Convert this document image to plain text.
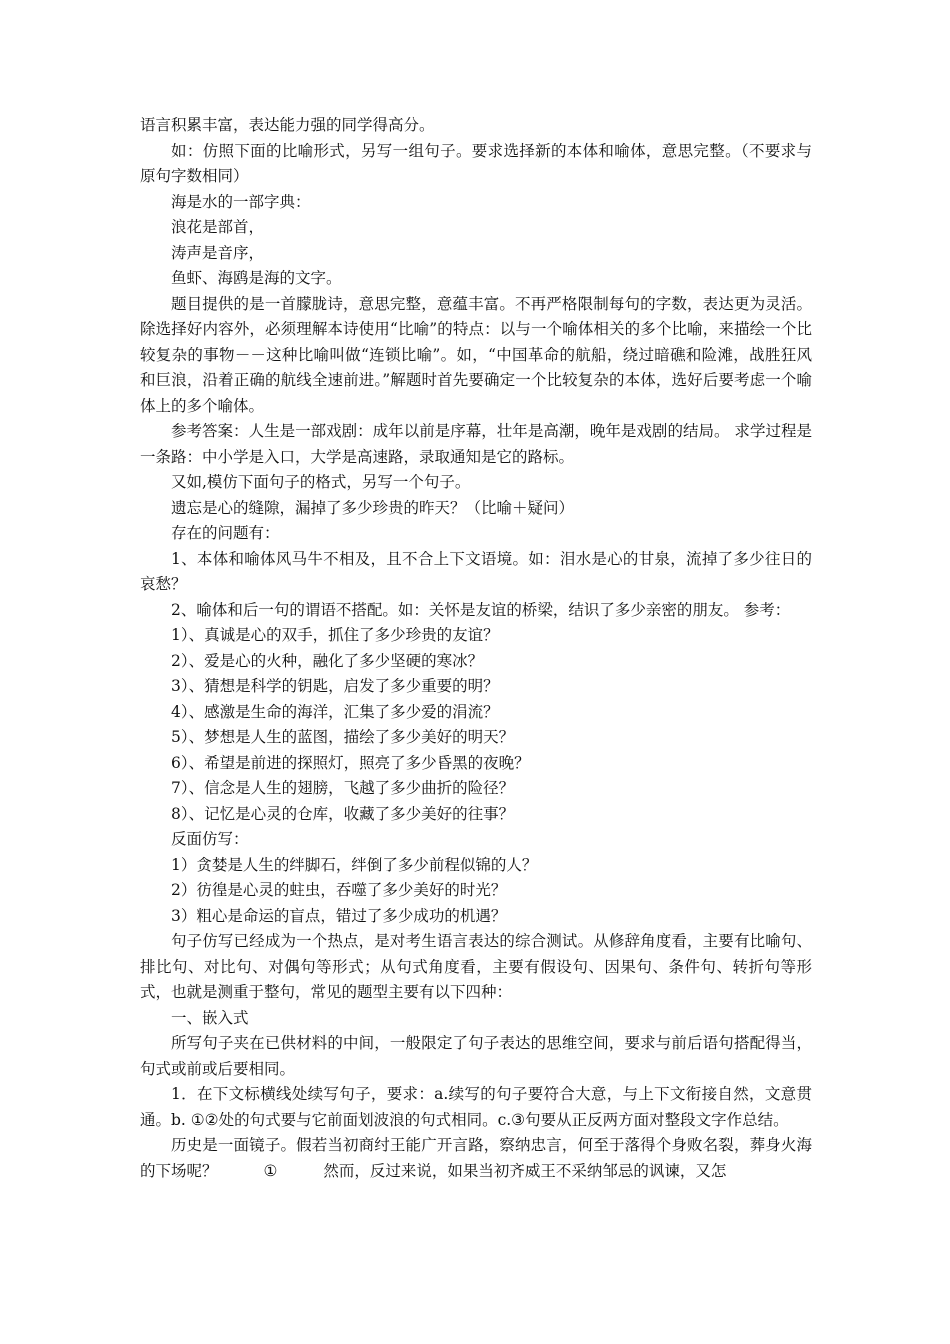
语言积累丰富，表达能力强的同学得高分。

如：仿照下面的比喻形式，另写一组句子。要求选择新的本体和喻体，意思完整。（不要求与原句字数相同）

海是水的一部字典：

浪花是部首，

涛声是音序，

鱼虾、海鸥是海的文字。

题目提供的是一首朦胧诗，意思完整，意蕴丰富。不再严格限制每句的字数，表达更为灵活。除选择好内容外，必须理解本诗使用“比喻”的特点：以与一个喻体相关的多个比喻，来描绘一个比较复杂的事物－－这种比喻叫做“连锁比喻”。如，“中国革命的航船，绕过暗礁和险滩，战胜狂风和巨浪，沿着正确的航线全速前进。”解题时首先要确定一个比较复杂的本体，选好后要考虑一个喻体上的多个喻体。

参考答案：人生是一部戏剧：成年以前是序幕，壮年是高潮，晚年是戏剧的结局。 求学过程是一条路：中小学是入口，大学是高速路，录取通知是它的路标。

又如,模仿下面句子的格式，另写一个句子。

遗忘是心的缝隙，漏掉了多少珍贵的昨天？（比喻＋疑问）

存在的问题有：

1、本体和喻体风马牛不相及，且不合上下文语境。如：泪水是心的甘泉，流掉了多少往日的哀愁？

2、喻体和后一句的谓语不搭配。如：关怀是友谊的桥梁，结识了多少亲密的朋友。 参考：

1）、真诚是心的双手，抓住了多少珍贵的友谊？

2）、爱是心的火种，融化了多少坚硬的寒冰？

3）、猜想是科学的钥匙，启发了多少重要的明？

4）、感激是生命的海洋，汇集了多少爱的涓流？

5）、梦想是人生的蓝图，描绘了多少美好的明天？

6）、希望是前进的探照灯，照亮了多少昏黑的夜晚？

7）、信念是人生的翅膀，飞越了多少曲折的险径？

8）、记忆是心灵的仓库，收藏了多少美好的往事？

反面仿写：

1）贪婪是人生的绊脚石，绊倒了多少前程似锦的人？

2）彷徨是心灵的蛀虫，吞噬了多少美好的时光？

3）粗心是命运的盲点，错过了多少成功的机遇？

句子仿写已经成为一个热点，是对考生语言表达的综合测试。从修辞角度看，主要有比喻句、排比句、对比句、对偶句等形式；从句式角度看，主要有假设句、因果句、条件句、转折句等形式，也就是测重于整句，常见的题型主要有以下四种：

一、嵌入式

所写句子夹在已供材料的中间，一般限定了句子表达的思维空间，要求与前后语句搭配得当，句式或前或后要相同。

1．在下文标横线处续写句子，要求：a.续写的句子要符合大意，与上下文衔接自然，文意贯通。b. ①②处的句式要与它前面划波浪的句式相同。c.③句要从正反两方面对整段文字作总结。

历史是一面镜子。假若当初商纣王能广开言路，察纳忠言，何至于落得个身败名裂，葬身火海的下场呢？	①	然而，反过来说，如果当初齐威王不采纳邹忌的讽谏，又怎
